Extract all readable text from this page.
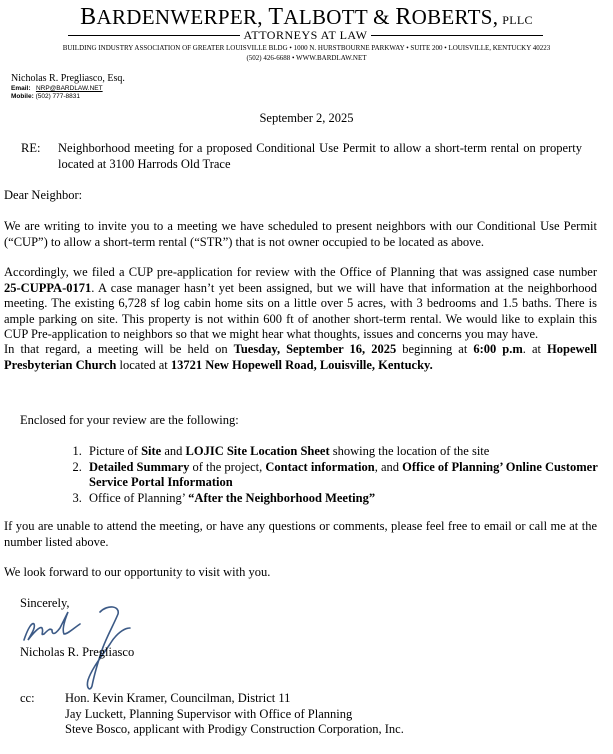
BARDENWERPER, TALBOTT & ROBERTS, PLLC
ATTORNEYS AT LAW
BUILDING INDUSTRY ASSOCIATION OF GREATER LOUISVILLE BLDG • 1000 N. HURSTBOURNE PARKWAY • SUITE 200 • LOUISVILLE, KENTUCKY 40223
(502) 426-6688 • WWW.BARDLAW.NET
Nicholas R. Pregliasco, Esq.
Email: NRP@BARDLAW.NET
Mobile: (502) 777-8831
September 2, 2025
RE: Neighborhood meeting for a proposed Conditional Use Permit to allow a short-term rental on property located at 3100 Harrods Old Trace
Dear Neighbor:
We are writing to invite you to a meeting we have scheduled to present neighbors with our Conditional Use Permit (“CUP”) to allow a short-term rental (“STR”) that is not owner occupied to be located as above.
Accordingly, we filed a CUP pre-application for review with the Office of Planning that was assigned case number 25-CUPPA-0171. A case manager hasn’t yet been assigned, but we will have that information at the neighborhood meeting. The existing 6,728 sf log cabin home sits on a little over 5 acres, with 3 bedrooms and 1.5 baths. There is ample parking on site. This property is not within 600 ft of another short-term rental. We would like to explain this CUP Pre-application to neighbors so that we might hear what thoughts, issues and concerns you may have.
In that regard, a meeting will be held on Tuesday, September 16, 2025 beginning at 6:00 p.m. at Hopewell Presbyterian Church located at 13721 New Hopewell Road, Louisville, Kentucky.
Enclosed for your review are the following:
1. Picture of Site and LOJIC Site Location Sheet showing the location of the site
2. Detailed Summary of the project, Contact information, and Office of Planning’ Online Customer Service Portal Information
3. Office of Planning’ “After the Neighborhood Meeting”
If you are unable to attend the meeting, or have any questions or comments, please feel free to email or call me at the number listed above.
We look forward to our opportunity to visit with you.
Sincerely,
Nicholas R. Pregliasco
cc: Hon. Kevin Kramer, Councilman, District 11
Jay Luckett, Planning Supervisor with Office of Planning
Steve Bosco, applicant with Prodigy Construction Corporation, Inc.
